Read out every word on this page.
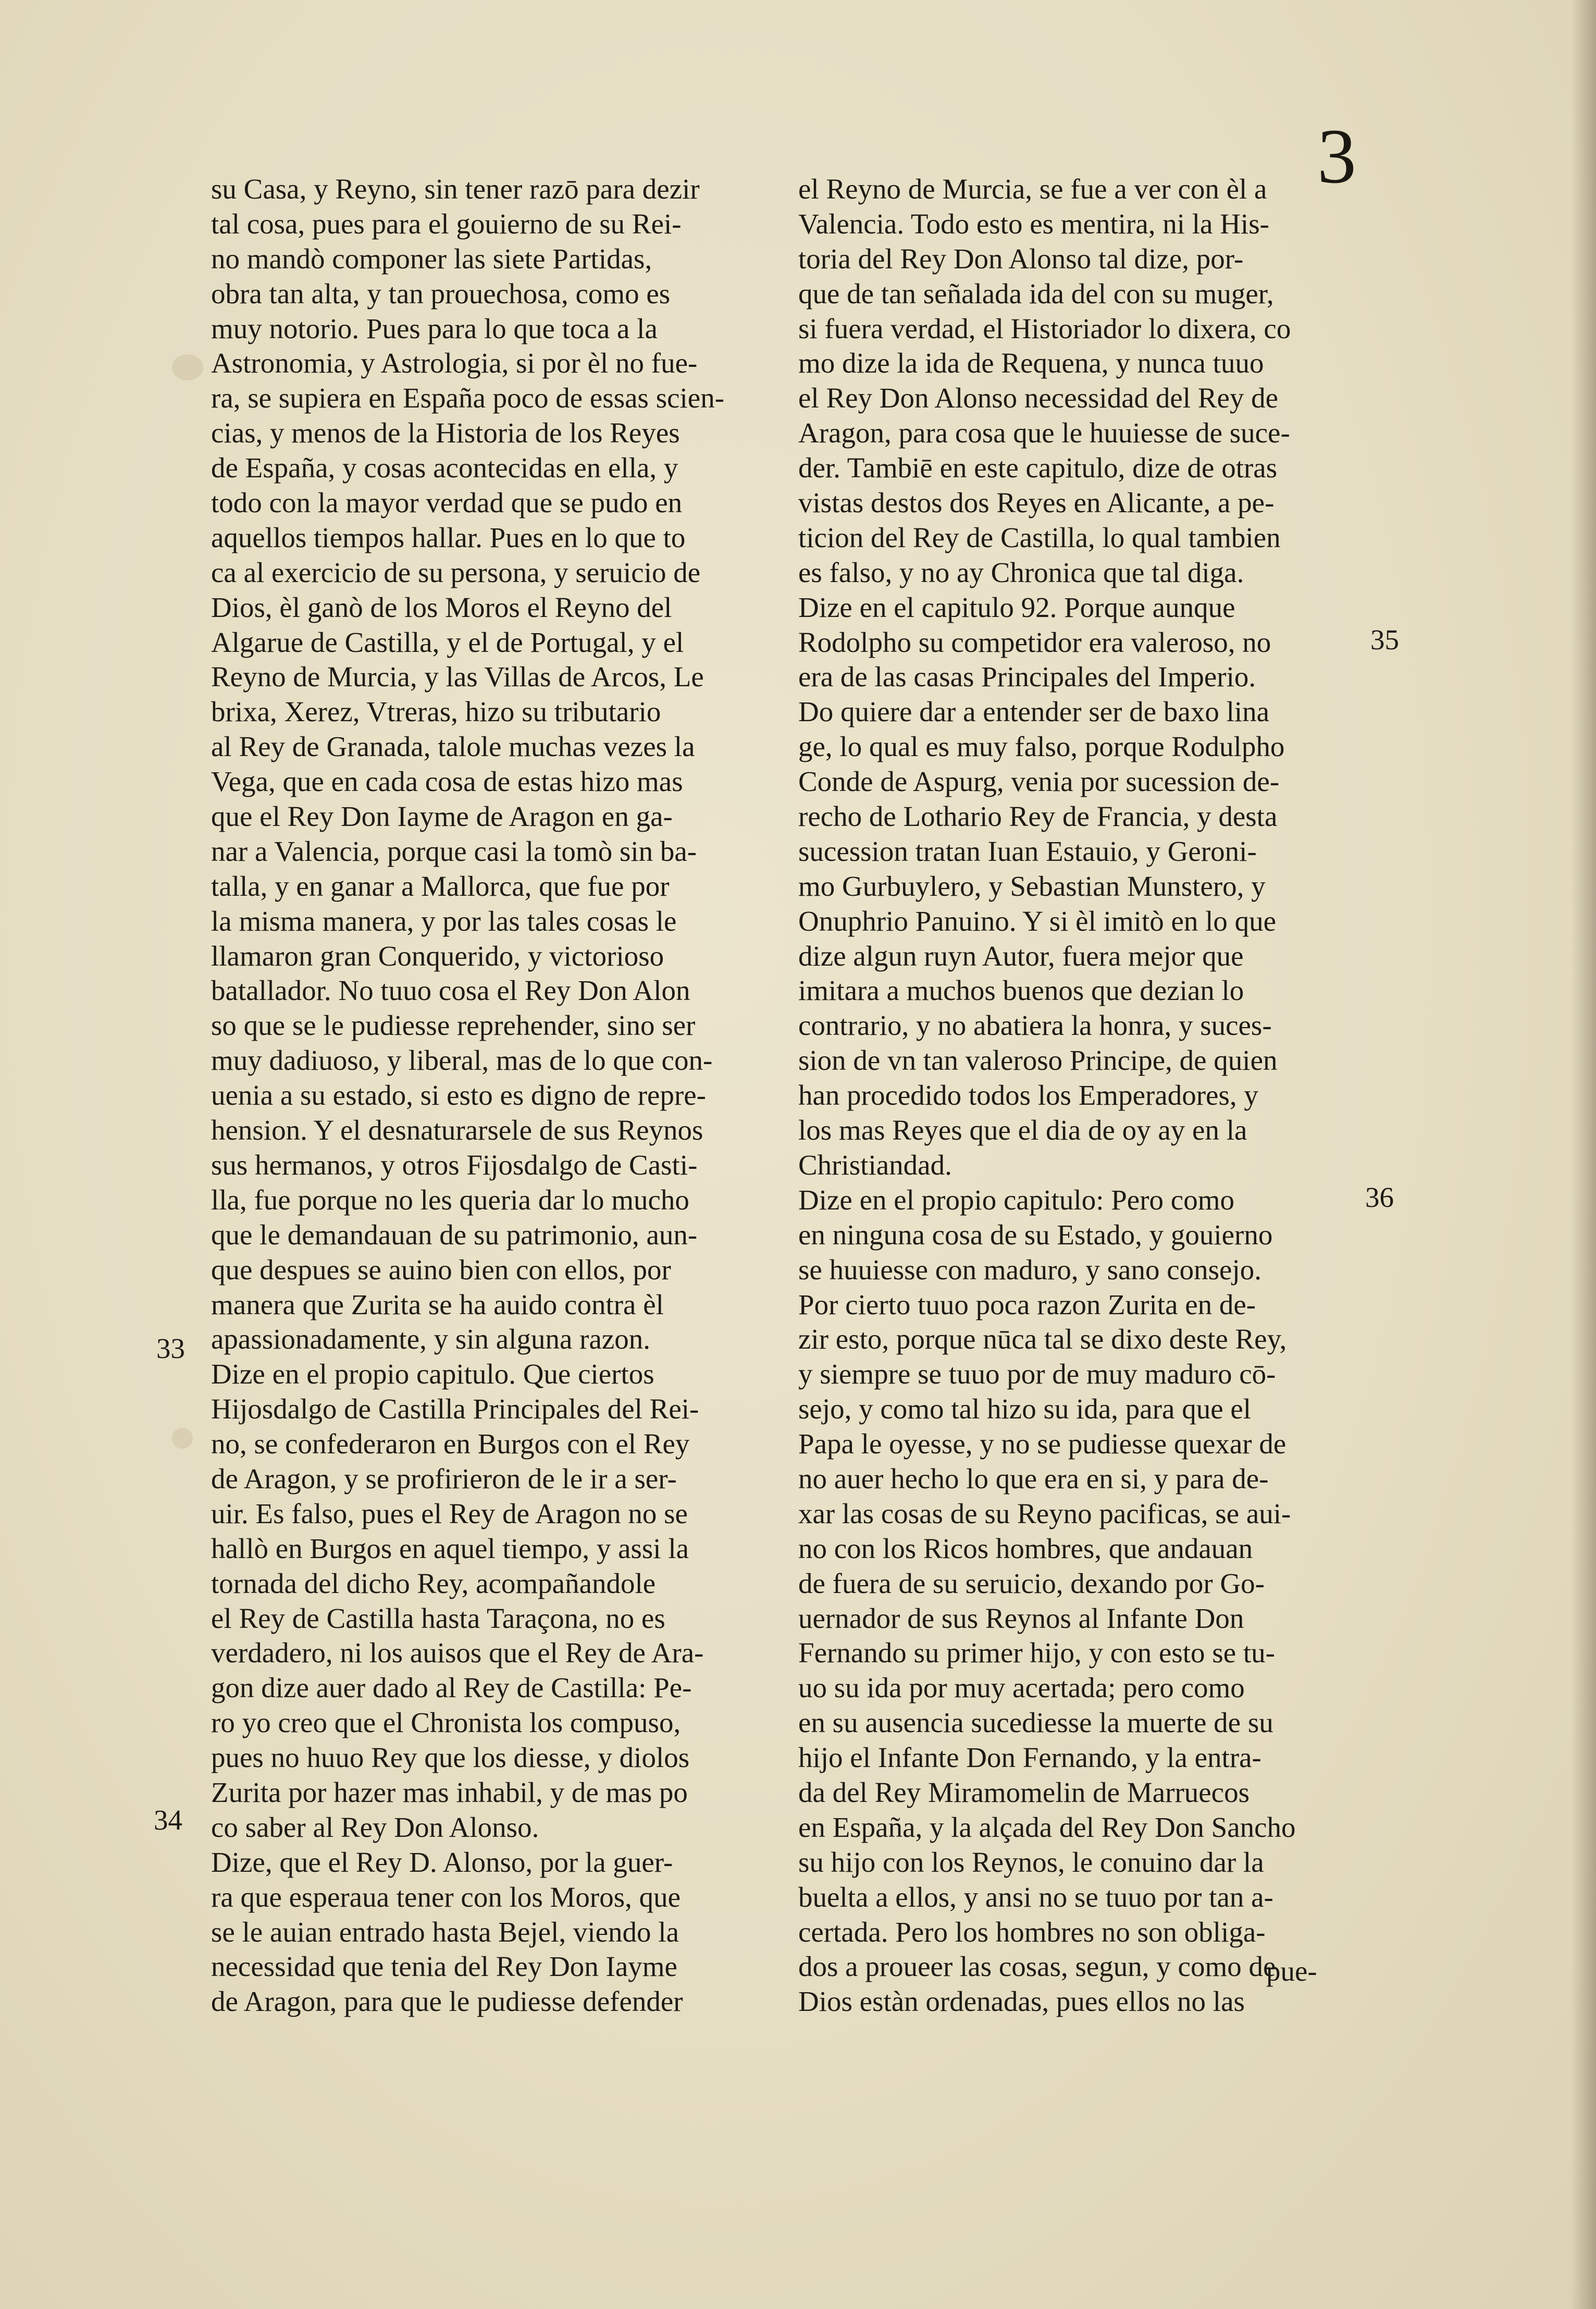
3
su Casa, y Reyno, sin tener razō para dezir
tal cosa, pues para el gouierno de su Rei-
no mandò componer las siete Partidas,
obra tan alta, y tan prouechosa, como es
muy notorio. Pues para lo que toca a la
Astronomia, y Astrologia, si por èl no fue-
ra, se supiera en España poco de essas scien-
cias, y menos de la Historia de los Reyes
de España, y cosas acontecidas en ella, y
todo con la mayor verdad que se pudo en
aquellos tiempos hallar. Pues en lo que to
ca al exercicio de su persona, y seruicio de
Dios, èl ganò de los Moros el Reyno del
Algarue de Castilla, y el de Portugal, y el
Reyno de Murcia, y las Villas de Arcos, Le
brixa, Xerez, Vtreras, hizo su tributario
al Rey de Granada, talole muchas vezes la
Vega, que en cada cosa de estas hizo mas
que el Rey Don Iayme de Aragon en ga-
nar a Valencia, porque casi la tomò sin ba-
talla, y en ganar a Mallorca, que fue por
la misma manera, y por las tales cosas le
llamaron gran Conquerido, y victorioso
batallador. No tuuo cosa el Rey Don Alon
so que se le pudiesse reprehender, sino ser
muy dadiuoso, y liberal, mas de lo que con-
uenia a su estado, si esto es digno de repre-
hension. Y el desnaturarsele de sus Reynos
sus hermanos, y otros Fijosdalgo de Casti-
lla, fue porque no les queria dar lo mucho
que le demandauan de su patrimonio, aun-
que despues se auino bien con ellos, por
manera que Zurita se ha auido contra èl
apassionadamente, y sin alguna razon.
Dize en el propio capitulo. Que ciertos
Hijosdalgo de Castilla Principales del Rei-
no, se confederaron en Burgos con el Rey
de Aragon, y se profirieron de le ir a ser-
uir. Es falso, pues el Rey de Aragon no se
hallò en Burgos en aquel tiempo, y assi la
tornada del dicho Rey, acompañandole
el Rey de Castilla hasta Taraçona, no es
verdadero, ni los auisos que el Rey de Ara-
gon dize auer dado al Rey de Castilla: Pe-
ro yo creo que el Chronista los compuso,
pues no huuo Rey que los diesse, y diolos
Zurita por hazer mas inhabil, y de mas po
co saber al Rey Don Alonso.
Dize, que el Rey D. Alonso, por la guer-
ra que esperaua tener con los Moros, que
se le auian entrado hasta Bejel, viendo la
necessidad que tenia del Rey Don Iayme
de Aragon, para que le pudiesse defender
el Reyno de Murcia, se fue a ver con èl a
Valencia. Todo esto es mentira, ni la His-
toria del Rey Don Alonso tal dize, por-
que de tan señalada ida del con su muger,
si fuera verdad, el Historiador lo dixera, co
mo dize la ida de Requena, y nunca tuuo
el Rey Don Alonso necessidad del Rey de
Aragon, para cosa que le huuiesse de suce-
der. Tambiē en este capitulo, dize de otras
vistas destos dos Reyes en Alicante, a pe-
ticion del Rey de Castilla, lo qual tambien
es falso, y no ay Chronica que tal diga.
Dize en el capitulo 92. Porque aunque
Rodolpho su competidor era valeroso, no
era de las casas Principales del Imperio.
Do quiere dar a entender ser de baxo lina
ge, lo qual es muy falso, porque Rodulpho
Conde de Aspurg, venia por sucession de-
recho de Lothario Rey de Francia, y desta
sucession tratan Iuan Estauio, y Geroni-
mo Gurbuylero, y Sebastian Munstero, y
Onuphrio Panuino. Y si èl imitò en lo que
dize algun ruyn Autor, fuera mejor que
imitara a muchos buenos que dezian lo
contrario, y no abatiera la honra, y suces-
sion de vn tan valeroso Principe, de quien
han procedido todos los Emperadores, y
los mas Reyes que el dia de oy ay en la
Christiandad.
Dize en el propio capitulo: Pero como
en ninguna cosa de su Estado, y gouierno
se huuiesse con maduro, y sano consejo.
Por cierto tuuo poca razon Zurita en de-
zir esto, porque nūca tal se dixo deste Rey,
y siempre se tuuo por de muy maduro cō-
sejo, y como tal hizo su ida, para que el
Papa le oyesse, y no se pudiesse quexar de
no auer hecho lo que era en si, y para de-
xar las cosas de su Reyno pacificas, se aui-
no con los Ricos hombres, que andauan
de fuera de su seruicio, dexando por Go-
uernador de sus Reynos al Infante Don
Fernando su primer hijo, y con esto se tu-
uo su ida por muy acertada; pero como
en su ausencia sucediesse la muerte de su
hijo el Infante Don Fernando, y la entra-
da del Rey Miramomelin de Marruecos
en España, y la alçada del Rey Don Sancho
su hijo con los Reynos, le conuino dar la
buelta a ellos, y ansi no se tuuo por tan a-
certada. Pero los hombres no son obliga-
dos a proueer las cosas, segun, y como de
Dios estàn ordenadas, pues ellos no las
33
34
35
36
pue-
